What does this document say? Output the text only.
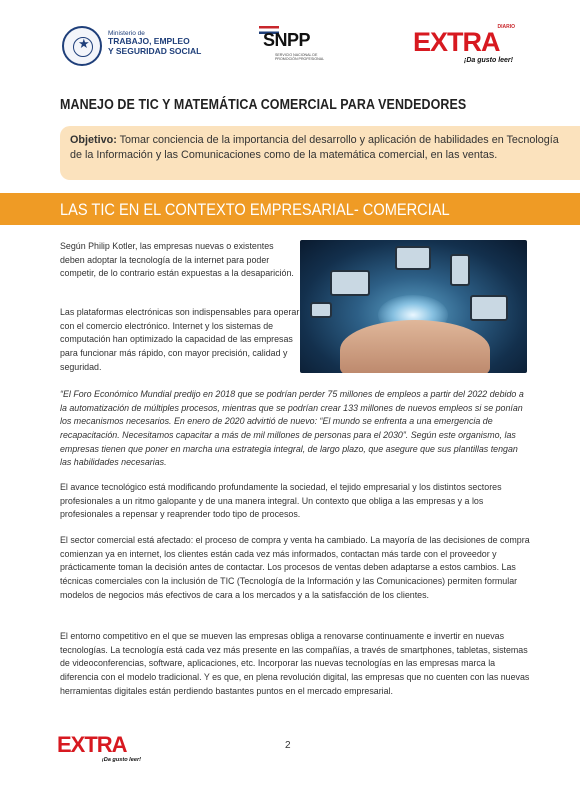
★
Ministerio de
TRABAJO, EMPLEO
Y SEGURIDAD SOCIAL
SNPP
SERVICIO NACIONAL DE PROMOCIÓN PROFESIONAL
DIARIO
EXTRA
¡Da gusto leer!
MANEJO DE TIC Y MATEMÁTICA COMERCIAL PARA VENDEDORES

Objetivo: Tomar conciencia de la importancia del desarrollo y aplicación de habilidades en Tecnología de la Información y las Comunicaciones como de la matemática comercial, en las ventas.

LAS TIC EN EL CONTEXTO EMPRESARIAL- COMERCIAL

Según Philip Kotler, las empresas nuevas o existentes deben adoptar la tecnología de la internet para poder competir, de lo contrario están expuestas a la desaparición.

Las plataformas electrónicas son indispensables para operar con el comercio electrónico. Internet y los sistemas de computación han optimizado la capacidad de las empresas para funcionar más rápido, con mayor precisión, calidad y seguridad.

“El Foro Económico Mundial predijo en 2018 que se podrían perder 75 millones de empleos a partir del 2022 debido a la automatización de múltiples procesos, mientras que se podrían crear 133 millones de nuevos empleos si se ponían los mecanismos necesarios. En enero de 2020 advirtió de nuevo: “El mundo se enfrenta a una emergencia de recapacitación. Necesitamos capacitar a más de mil millones de personas para el 2030”. Según este organismo, las empresas tienen que poner en marcha una estrategia integral, de largo plazo, que asegure que sus plantillas tengan las habilidades necesarias.

El avance tecnológico está modificando profundamente la sociedad, el tejido empresarial y los distintos sectores profesionales a un ritmo galopante y de una manera integral. Un contexto que obliga a las empresas y a los profesionales a repensar y reaprender todo tipo de procesos.

El sector comercial está afectado: el proceso de compra y venta ha cambiado. La mayoría de las decisiones de compra comienzan ya en internet, los clientes están cada vez más informados, contactan más tarde con el proveedor y prácticamente toman la decisión antes de contactar. Los procesos de ventas deben adaptarse a estos cambios. Las técnicas comerciales con la inclusión de TIC (Tecnología de la Información y las Comunicaciones) permiten formular modelos de negocios más efectivos de cara a los mercados y a la satisfacción de los clientes.

El entorno competitivo en el que se mueven las empresas obliga a renovarse continuamente e invertir en nuevas tecnologías. La tecnología está cada vez más presente en las compañías, a través de smartphones, tabletas, sistemas de videoconferencias, software, aplicaciones, etc. Incorporar las nuevas tecnologías en las empresas marca la diferencia con el modelo tradicional. Y es que, en plena revolución digital, las empresas que no cuenten con las nuevas herramientas digitales están perdiendo bastantes puntos en el mercado empresarial.

EXTRA
¡Da gusto leer!
2
